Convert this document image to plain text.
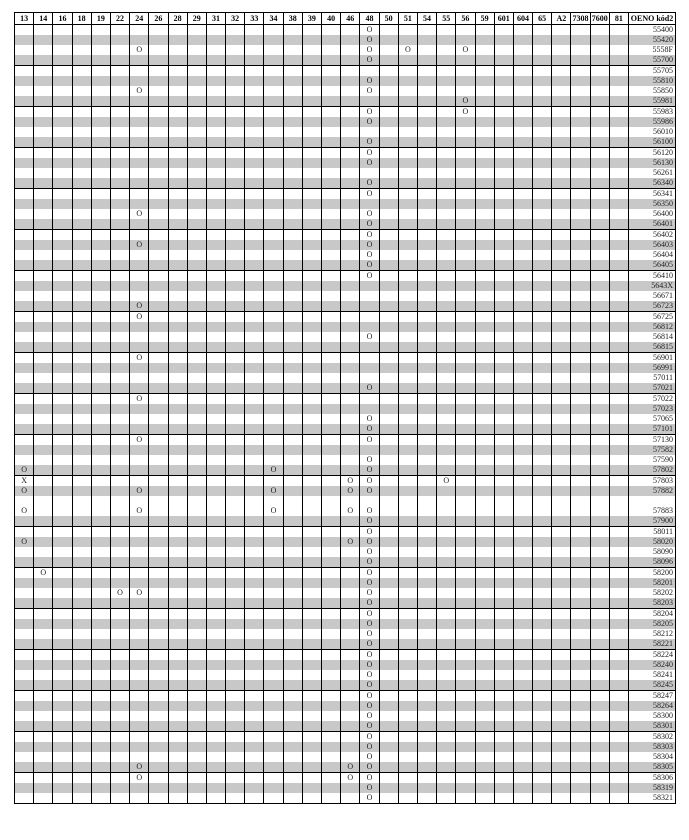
13	14	16	18	19	22	24	26	28	29	31	32	33	34	38	39	40	46	48	50	51	54	55	56	59	601	604	65	A2	7308	7600	81	OENO kód2
																		O														55400
																		O														55420
						O												O		O			O									5558F
																		O														55700
																																55705
																		O														55810
						O												O														55850
																							O									55981
																		O					O									55983
																		O														55986
																																56010
																		O														56100
																		O														56120
																		O														56130
																																56261
																		O														56340
																		O														56341
																																56350
						O												O														56400
																		O														56401
																		O														56402
						O												O														56403
																		O														56404
																		O														56405
																		O														56410
																																5643X
																																56671
						O																										56723
						O																										56725
																																56812
																		O														56814
																																56815
						O																										56901
																																56991
																																57011
																		O														57021
						O																										57022
																																57023
																		O														57065
																		O														57101
						O												O														57130
																																57582
																		O														57590
O													O					O														57802
X																	O	O				O										57803
O						O							O				O	O														57882
O						O							O				O	O														57883
																		O														57900
																		O														58011
O																	O	O														58020
																		O														58090
																		O														58096
	O																	O														58200
																		O														58201
					O	O												O														58202
																		O														58203
																		O														58204
																		O														58205
																		O														58212
																		O														58221
																		O														58224
																		O														58240
																		O														58241
																		O														58245
																		O														58247
																		O														58264
																		O														58300
																		O														58301
																		O														58302
																		O														58303
																		O														58304
						O											O	O														58305
						O											O	O														58306
																		O														58319
																		O														58321
